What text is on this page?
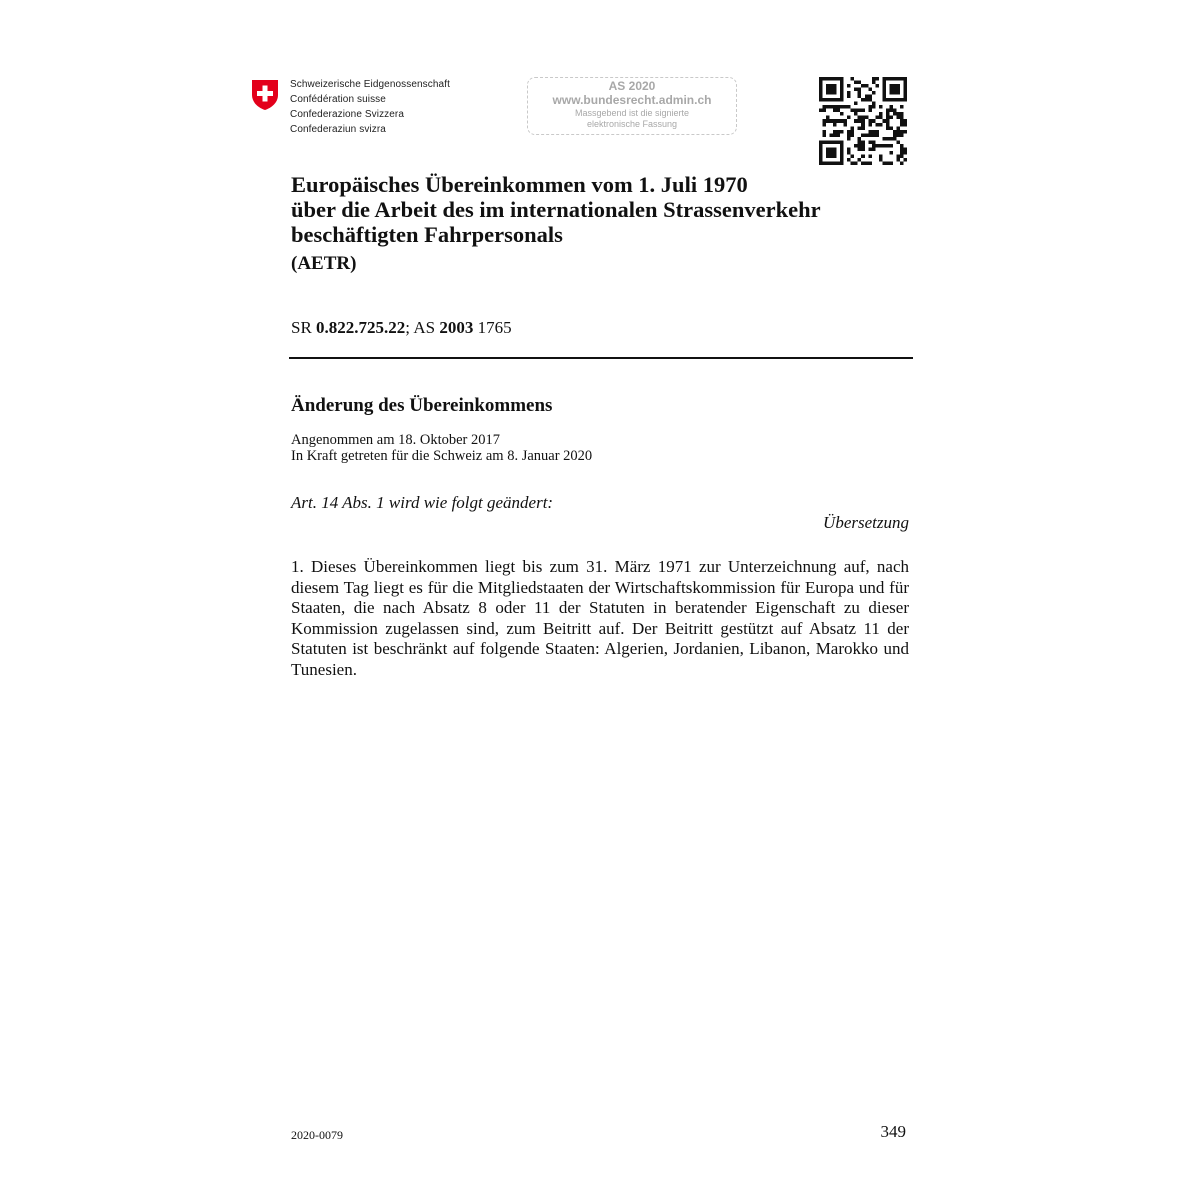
Schweizerische Eidgenossenschaft
Confédération suisse
Confederazione Svizzera
Confederaziun svizra
AS 2020
www.bundesrecht.admin.ch
Massgebend ist die signierte
elektronische Fassung
Europäisches Übereinkommen vom 1. Juli 1970
über die Arbeit des im internationalen Strassenverkehr
beschäftigten Fahrpersonals
(AETR)
SR 0.822.725.22; AS 2003 1765
Änderung des Übereinkommens
Angenommen am 18. Oktober 2017
In Kraft getreten für die Schweiz am 8. Januar 2020
Art. 14 Abs. 1 wird wie folgt geändert:
Übersetzung
1. Dieses Übereinkommen liegt bis zum 31. März 1971 zur Unterzeichnung auf, nach diesem Tag liegt es für die Mitgliedstaaten der Wirtschaftskommission für Europa und für Staaten, die nach Absatz 8 oder 11 der Statuten in beratender Eigenschaft zu dieser Kommission zugelassen sind, zum Beitritt auf. Der Beitritt gestützt auf Absatz 11 der Statuten ist beschränkt auf folgende Staaten: Algerien, Jordanien, Libanon, Marokko und Tunesien.
2020-0079	349
